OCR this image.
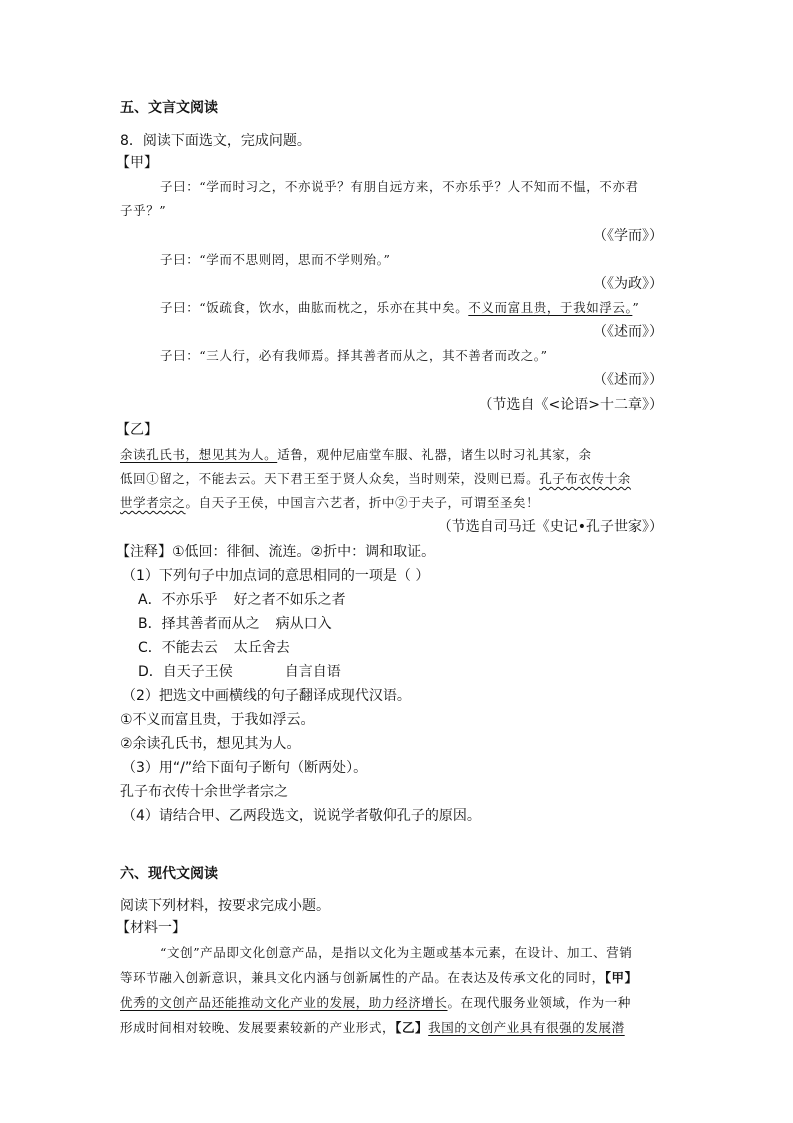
五、文言文阅读
8．阅读下面选文，完成问题。
【甲】
子曰：“学而时习之，不亦说乎？有朋自远方来，不亦乐乎？人不知而不愠，不亦君
子乎？”
（《学而》）
子曰：“学而不思则罔，思而不学则殆。”
（《为政》）
子曰：“饭疏食，饮水，曲肱而枕之，乐亦在其中矣。不义而富且贵，于我如浮云。”
（《述而》）
子曰：“三人行，必有我师焉。择其善者而从之，其不善者而改之。”
（《述而》）
（节选自《<论语>十二章》）
【乙】
余读孔氏书，想见其为人。适鲁，观仲尼庙堂车服、礼器，诸生以时习礼其家，余
低回①留之，不能去云。天下君王至于贤人众矣，当时则荣，没则已焉。孔子布衣传十余
世学者宗之。自天子王侯，中国言六艺者，折中②于夫子，可谓至圣矣！
（节选自司马迁《史记•孔子世家》）
【注释】①低回：徘徊、流连。②折中：调和取证。
（1）下列句子中加点词的意思相同的一项是（ ）
A．不亦乐乎 好之者不如乐之者
B．择其善者而从之 病从口入
C．不能去云 太丘舍去
D．自天子王侯	自言自语
（2）把选文中画横线的句子翻译成现代汉语。
①不义而富且贵，于我如浮云。
②余读孔氏书，想见其为人。
（3）用“/”给下面句子断句（断两处）。
孔子布衣传十余世学者宗之
（4）请结合甲、乙两段选文，说说学者敬仰孔子的原因。
六、现代文阅读
阅读下列材料，按要求完成小题。
【材料一】
“文创”产品即文化创意产品，是指以文化为主题或基本元素，在设计、加工、营销
等环节融入创新意识，兼具文化内涵与创新属性的产品。在表达及传承文化的同时，【甲】
优秀的文创产品还能推动文化产业的发展，助力经济增长。在现代服务业领域，作为一种
形成时间相对较晚、发展要素较新的产业形式，【乙】我国的文创产业具有很强的发展潜
